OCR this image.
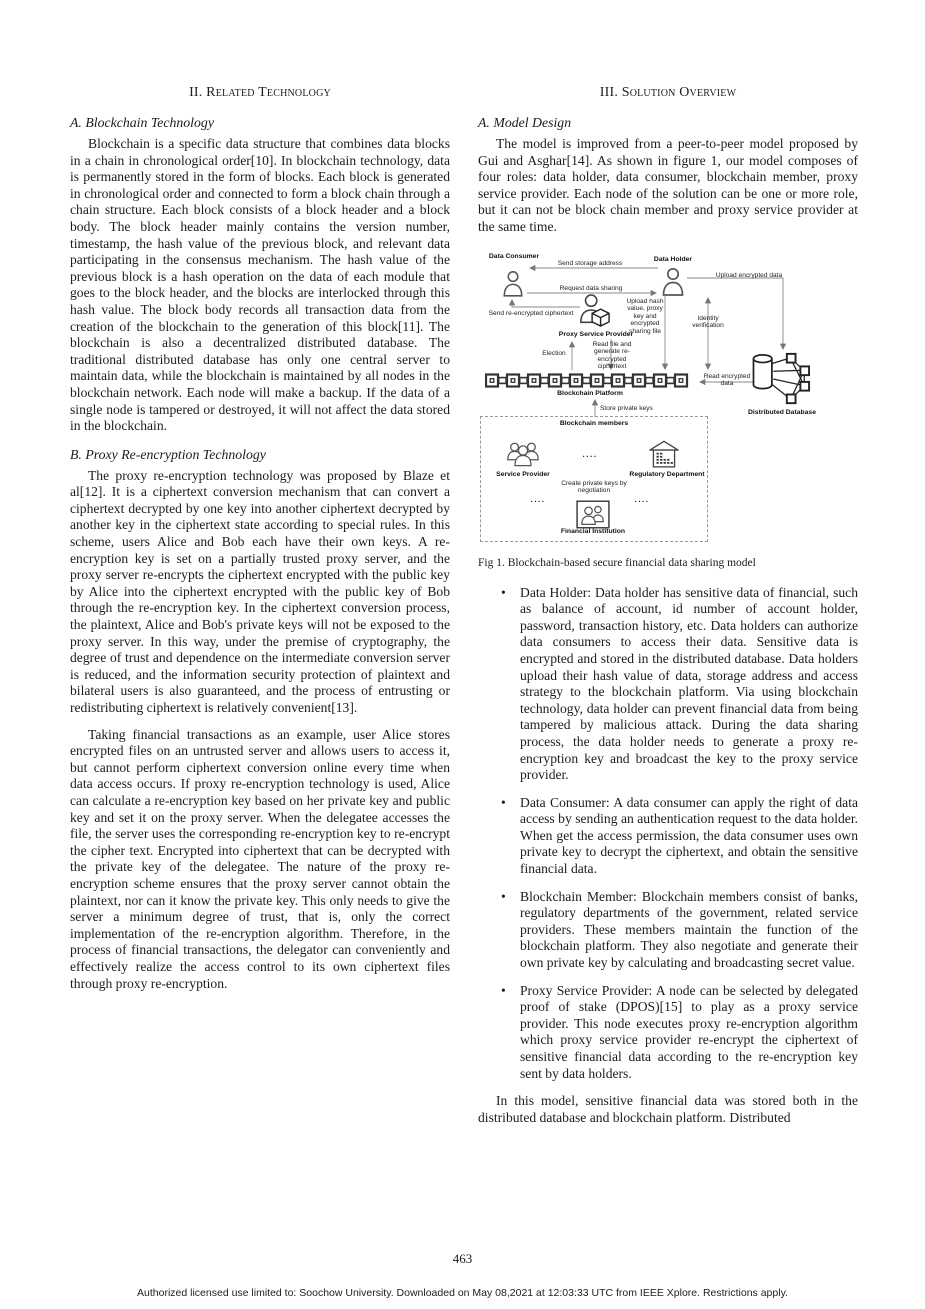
II. Related Technology
A. Blockchain Technology

Blockchain is a specific data structure that combines data blocks in a chain in chronological order[10]. In blockchain technology, data is permanently stored in the form of blocks. Each block is generated in chronological order and connected to form a block chain through a chain structure. Each block consists of a block header and a block body. The block header mainly contains the version number, timestamp, the hash value of the previous block, and relevant data participating in the consensus mechanism. The hash value of the previous block is a hash operation on the data of each module that goes to the block header, and the blocks are interlocked through this hash value. The block body records all transaction data from the creation of the blockchain to the generation of this block[11]. The blockchain is also a decentralized distributed database. The traditional distributed database has only one central server to maintain data, while the blockchain is maintained by all nodes in the blockchain network. Each node will make a backup. If the data of a single node is tampered or destroyed, it will not affect the data stored in the blockchain.

B. Proxy Re-encryption Technology

The proxy re-encryption technology was proposed by Blaze et al[12]. It is a ciphertext conversion mechanism that can convert a ciphertext decrypted by one key into another ciphertext decrypted by another key in the ciphertext state according to special rules. In this scheme, users Alice and Bob each have their own keys. A re-encryption key is set on a partially trusted proxy server, and the proxy server re-encrypts the ciphertext encrypted with the public key by Alice into the ciphertext encrypted with the public key of Bob through the re-encryption key. In the ciphertext conversion process, the plaintext, Alice and Bob's private keys will not be exposed to the proxy server. In this way, under the premise of cryptography, the degree of trust and dependence on the intermediate conversion server is reduced, and the information security protection of plaintext and bilateral users is also guaranteed, and the process of entrusting or redistributing ciphertext is relatively convenient[13].

Taking financial transactions as an example, user Alice stores encrypted files on an untrusted server and allows users to access it, but cannot perform ciphertext conversion online every time when data access occurs. If proxy re-encryption technology is used, Alice can calculate a re-encryption key based on her private key and public key and set it on the proxy server. When the delegatee accesses the file, the server uses the corresponding re-encryption key to re-encrypt the cipher text. Encrypted into ciphertext that can be decrypted with the private key of the delegatee. The nature of the proxy re-encryption scheme ensures that the proxy server cannot obtain the plaintext, nor can it know the private key. This only needs to give the server a minimum degree of trust, that is, only the correct implementation of the re-encryption algorithm. Therefore, in the process of financial transactions, the delegator can conveniently and effectively realize the access control to its own ciphertext files through proxy re-encryption.

III. Solution Overview
A. Model Design

The model is improved from a peer-to-peer model proposed by Gui and Asghar[14]. As shown in figure 1, our model composes of four roles: data holder, data consumer, blockchain member, proxy service provider. Each node of the solution can be one or more role, but it can not be block chain member and proxy service provider at the same time.

Data Consumer	Data Holder
Send storage address
Request data sharing
Upload encrypted data
Send re-encrypted ciphertext
Proxy Service Provider
Upload hash value, proxy key and encrypted sharing file
Identity verification
Read file and generate re-encrypted ciphertext
Election
Blockchain Platform
Read encrypted data
Distributed Database
Store private keys
Blockchain members
Service Provider	Regulatory Department
Create private keys by negotiation
Financial Institution
....
....	....

Fig 1. Blockchain-based secure financial data sharing model

• Data Holder: Data holder has sensitive data of financial, such as balance of account, id number of account holder, password, transaction history, etc. Data holders can authorize data consumers to access their data. Sensitive data is encrypted and stored in the distributed database. Data holders upload their hash value of data, storage address and access strategy to the blockchain platform. Via using blockchain technology, data holder can prevent financial data from being tampered by malicious attack. During the data sharing process, the data holder needs to generate a proxy re-encryption key and broadcast the key to the proxy service provider.
• Data Consumer: A data consumer can apply the right of data access by sending an authentication request to the data holder. When get the access permission, the data consumer uses own private key to decrypt the ciphertext, and obtain the sensitive financial data.
• Blockchain Member: Blockchain members consist of banks, regulatory departments of the government, related service providers. These members maintain the function of the blockchain platform. They also negotiate and generate their own private key by calculating and broadcasting secret value.
• Proxy Service Provider: A node can be selected by delegated proof of stake (DPOS)[15] to play as a proxy service provider. This node executes proxy re-encryption algorithm which proxy service provider re-encrypt the ciphertext of sensitive financial data according to the re-encryption key sent by data holders.

In this model, sensitive financial data was stored both in the distributed database and blockchain platform. Distributed

463
Authorized licensed use limited to: Soochow University. Downloaded on May 08,2021 at 12:03:33 UTC from IEEE Xplore. Restrictions apply.
